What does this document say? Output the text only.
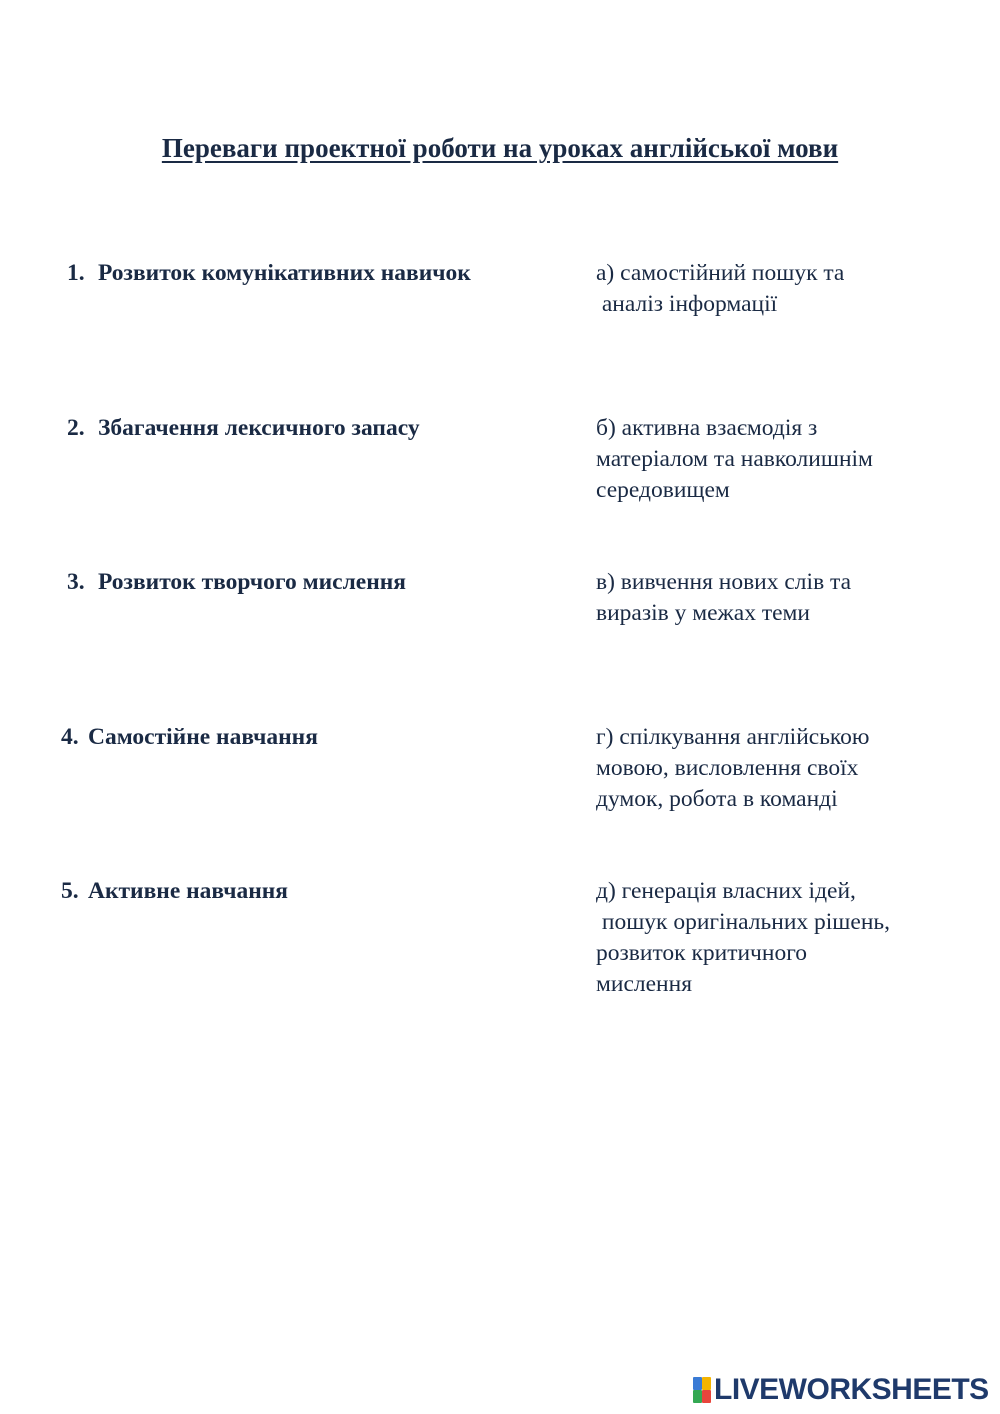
Переваги проектної роботи на уроках англійської мови

1. Розвиток комунікативних навичок

2. Збагачення лексичного запасу

3. Розвиток творчого мислення

4. Самостійне навчання

5. Активне навчання

а) самостійний пошук та
аналіз інформації
б) активна взаємодія з
матеріалом та навколишнім
середовищем
в) вивчення нових слів та
виразів у межах теми
г) спілкування англійською
мовою, висловлення своїх
думок, робота в команді
д) генерація власних ідей,
пошук оригінальних рішень,
розвиток критичного
мислення
LIVEWORKSHEETS
